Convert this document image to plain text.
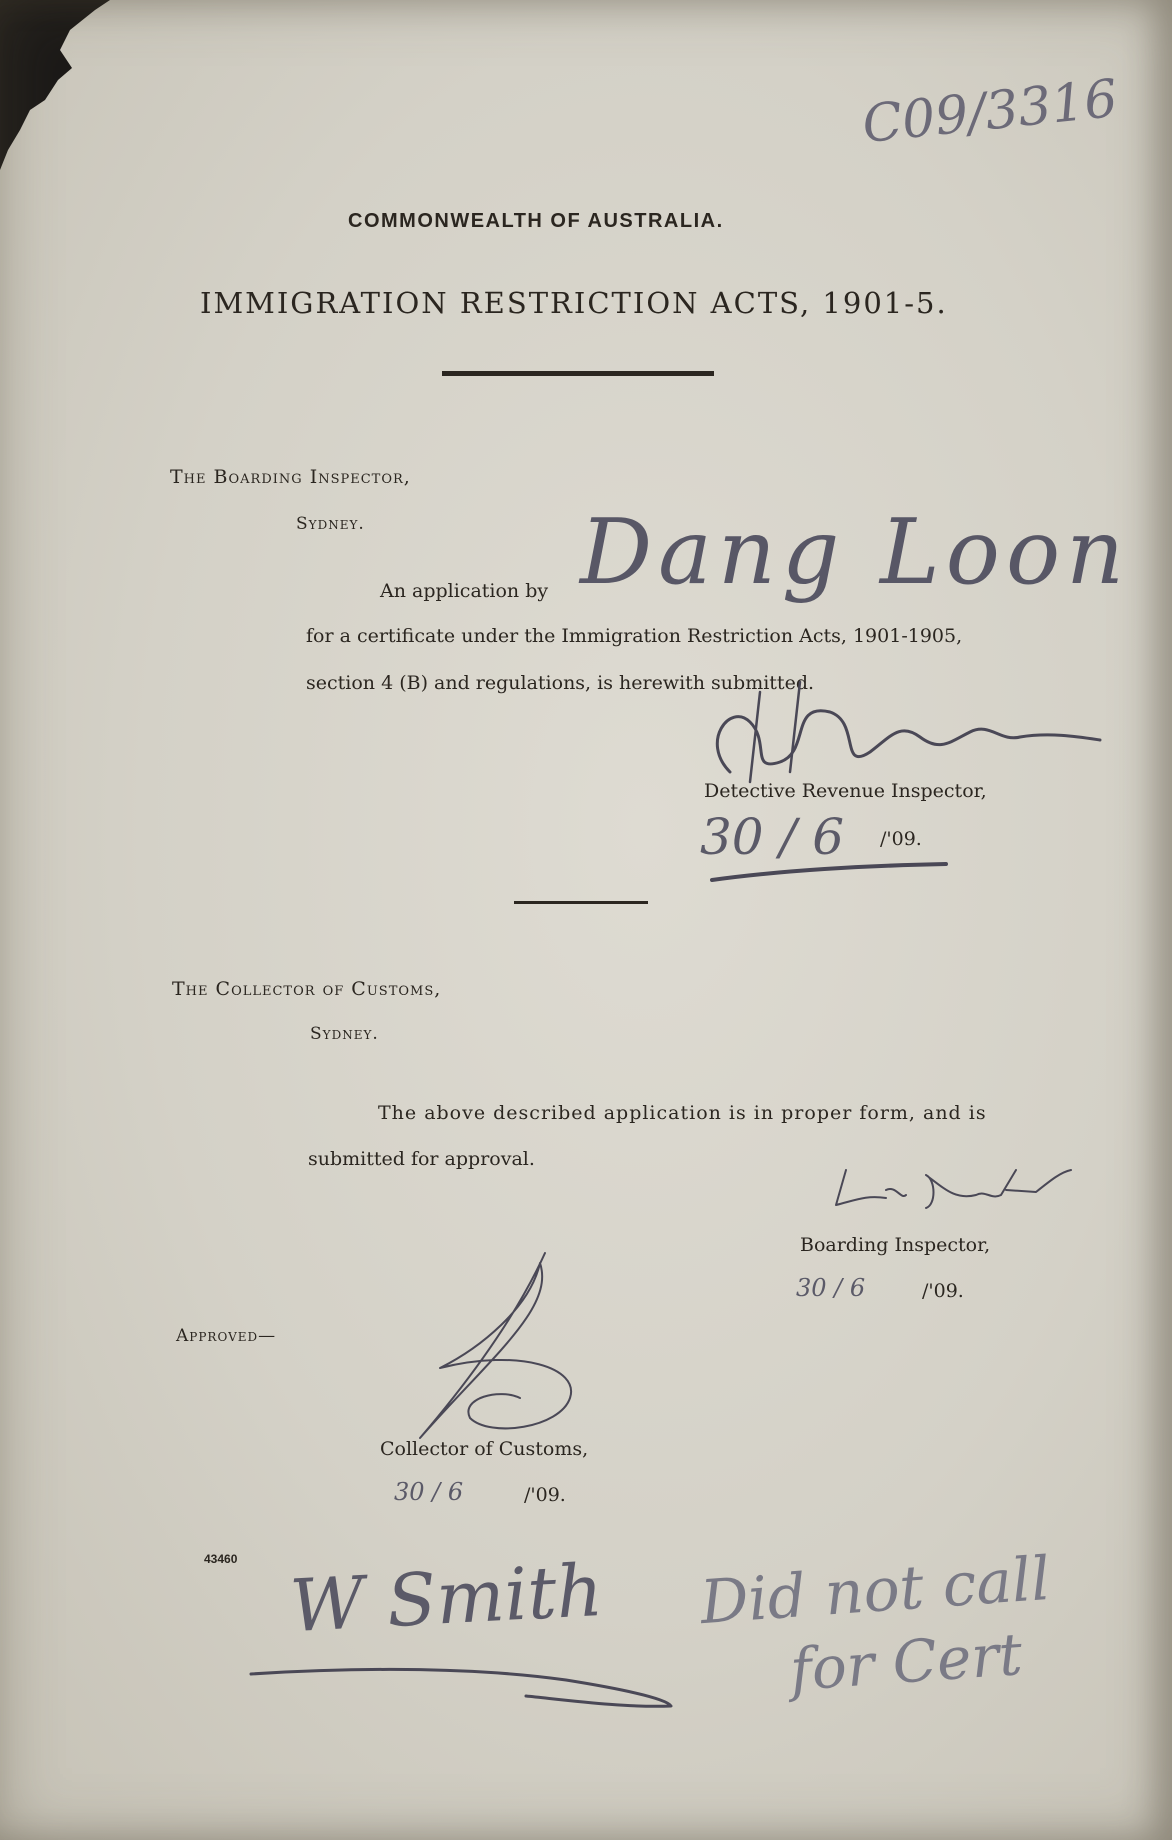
C09/3316
COMMONWEALTH OF AUSTRALIA.
IMMIGRATION RESTRICTION ACTS, 1901-5.
The Boarding Inspector,
Sydney.
An application by Dang Loon
for a certificate under the Immigration Restriction Acts, 1901-1905,
section 4 (B) and regulations, is herewith submitted.
Detective Revenue Inspector,
30 / 6 /'09.
The Collector of Customs,
Sydney.
The above described application is in proper form, and is
submitted for approval.
Boarding Inspector,
30 / 6	/'09.
Approved—
Collector of Customs,
30 / 6	/'09.
43460 W Smith Did not call
for Cert
